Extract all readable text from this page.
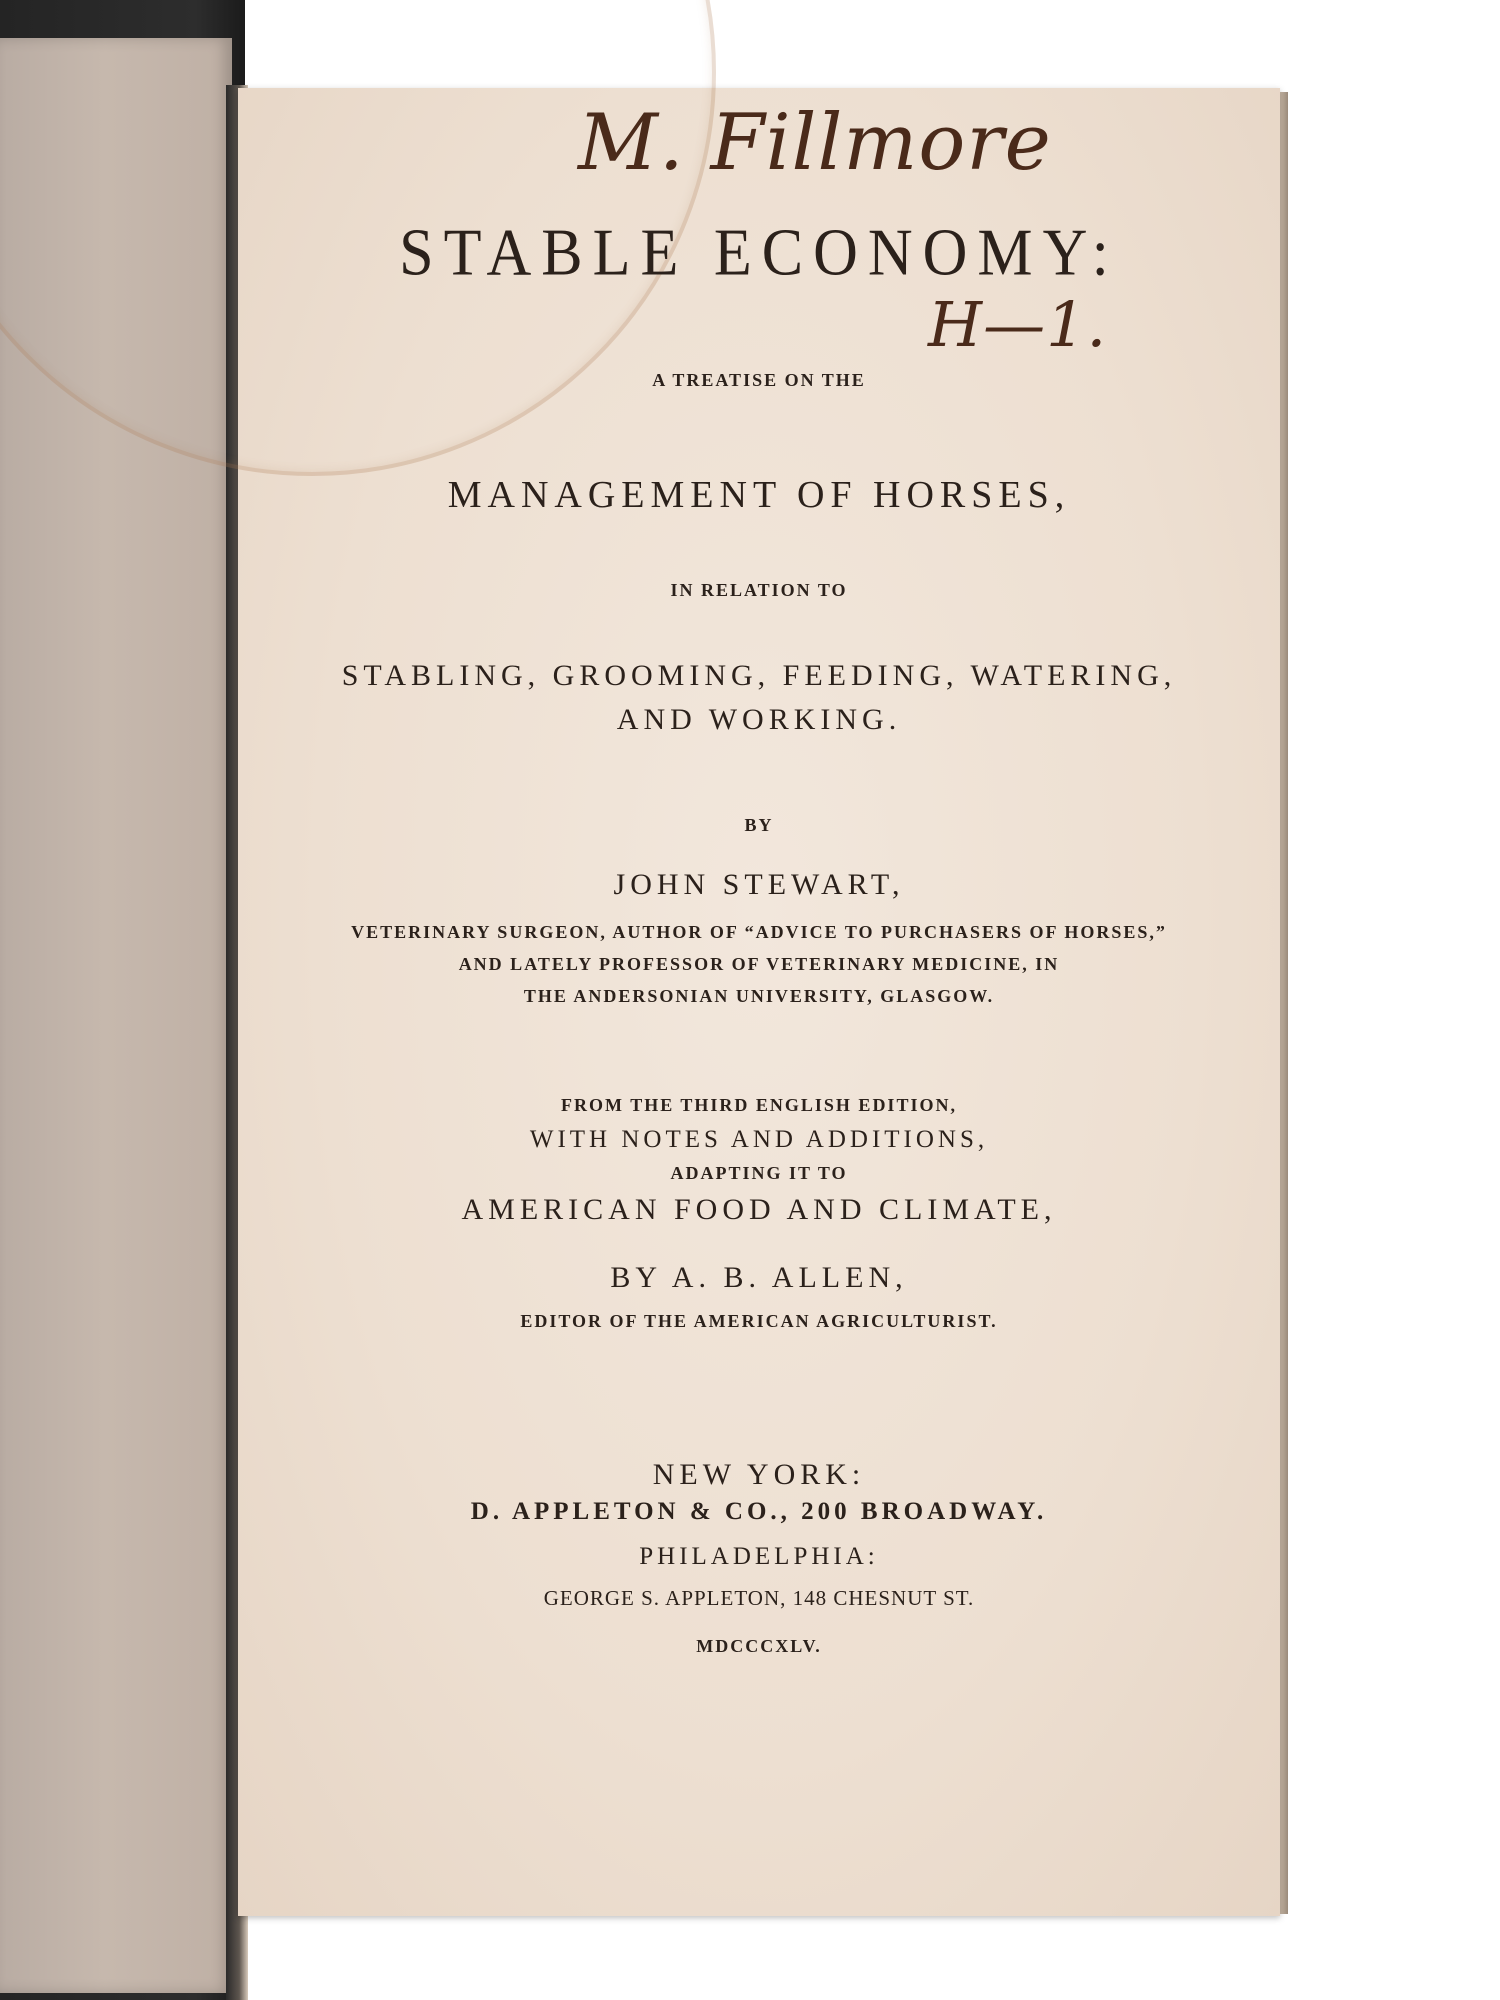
M. Fillmore
H—1.
STABLE ECONOMY:
A TREATISE ON THE
MANAGEMENT OF HORSES,
IN RELATION TO
STABLING, GROOMING, FEEDING, WATERING,
AND WORKING.
BY
JOHN STEWART,
VETERINARY SURGEON, AUTHOR OF “ADVICE TO PURCHASERS OF HORSES,”
AND LATELY PROFESSOR OF VETERINARY MEDICINE, IN
THE ANDERSONIAN UNIVERSITY, GLASGOW.
FROM THE THIRD ENGLISH EDITION,
WITH NOTES AND ADDITIONS,
ADAPTING IT TO
AMERICAN FOOD AND CLIMATE,
BY A. B. ALLEN,
EDITOR OF THE AMERICAN AGRICULTURIST.
NEW YORK:
D. APPLETON & CO., 200 BROADWAY.
PHILADELPHIA:
GEORGE S. APPLETON, 148 CHESNUT ST.
MDCCCXLV.
